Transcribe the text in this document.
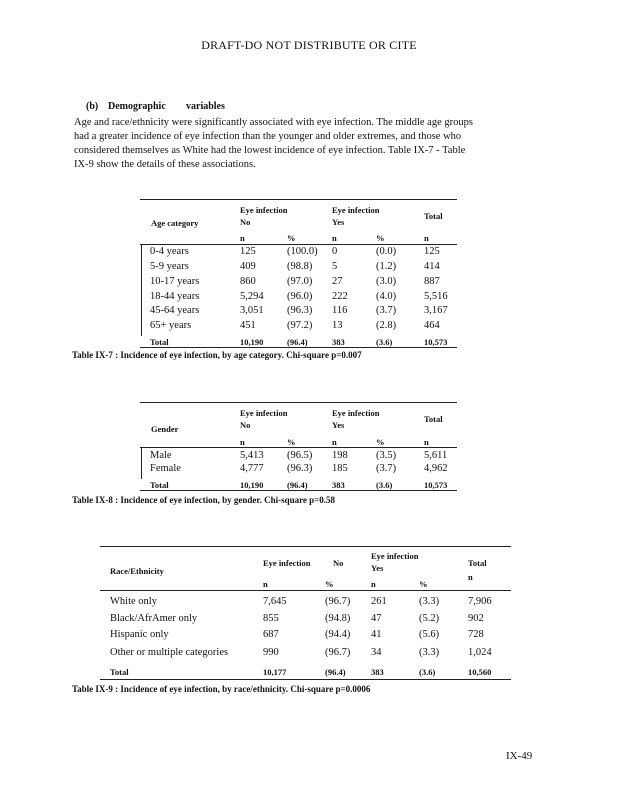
DRAFT-DO NOT DISTRIBUTE OR CITE
(b) Demographic variables
Age and race/ethnicity were significantly associated with eye infection. The middle age groups
had a greater incidence of eye infection than the younger and older extremes, and those who
considered themselves as White had the lowest incidence of eye infection. Table IX-7 - Table
IX-9 show the details of these associations.
Age category
Eye infection
No
Eye infection
Yes
Total
n	%	n	%	n
0-4 years	125	(100.0) 0	(0.0)	125
5-9 years	409	(98.8) 5	(1.2)	414
10-17 years	860	(97.0) 27	(3.0)	887
18-44 years	5,294 (96.0) 222	(4.0)	5,516
45-64 years	3,051 (96.3) 116	(3.7)	3,167
65+ years	451	(97.2) 13	(2.8)	464
Total	10,190	(96.4)	383	(3.6)	10,573
Table IX-7 : Incidence of eye infection, by age category. Chi-square p=0.007
Gender
Eye infection
No
Eye infection
Yes
Total
n	%	n	%	n
Male	5,413 (96.5) 198	(3.5)	5,611
Female	4,777 (96.3) 185	(3.7)	4,962
Total	10,190	(96.4)	383	(3.6)	10,573
Table IX-8 : Incidence of eye infection, by gender. Chi-square p=0.58
Race/Ethnicity
Eye infection	No
Eye infection
Yes	Total
n
n	%	n	%
White only	7,645	(96.7) 261	(3.3)	7,906
Black/AfrAmer only	855	(94.8) 47	(5.2)	902
Hispanic only	687	(94.4) 41	(5.6)	728
Other or multiple categories	990	(96.7) 34	(3.3)	1,024
Total	10,177	(96.4)	383	(3.6)	10,560
Table IX-9 : Incidence of eye infection, by race/ethnicity. Chi-square p=0.0006
IX-49
